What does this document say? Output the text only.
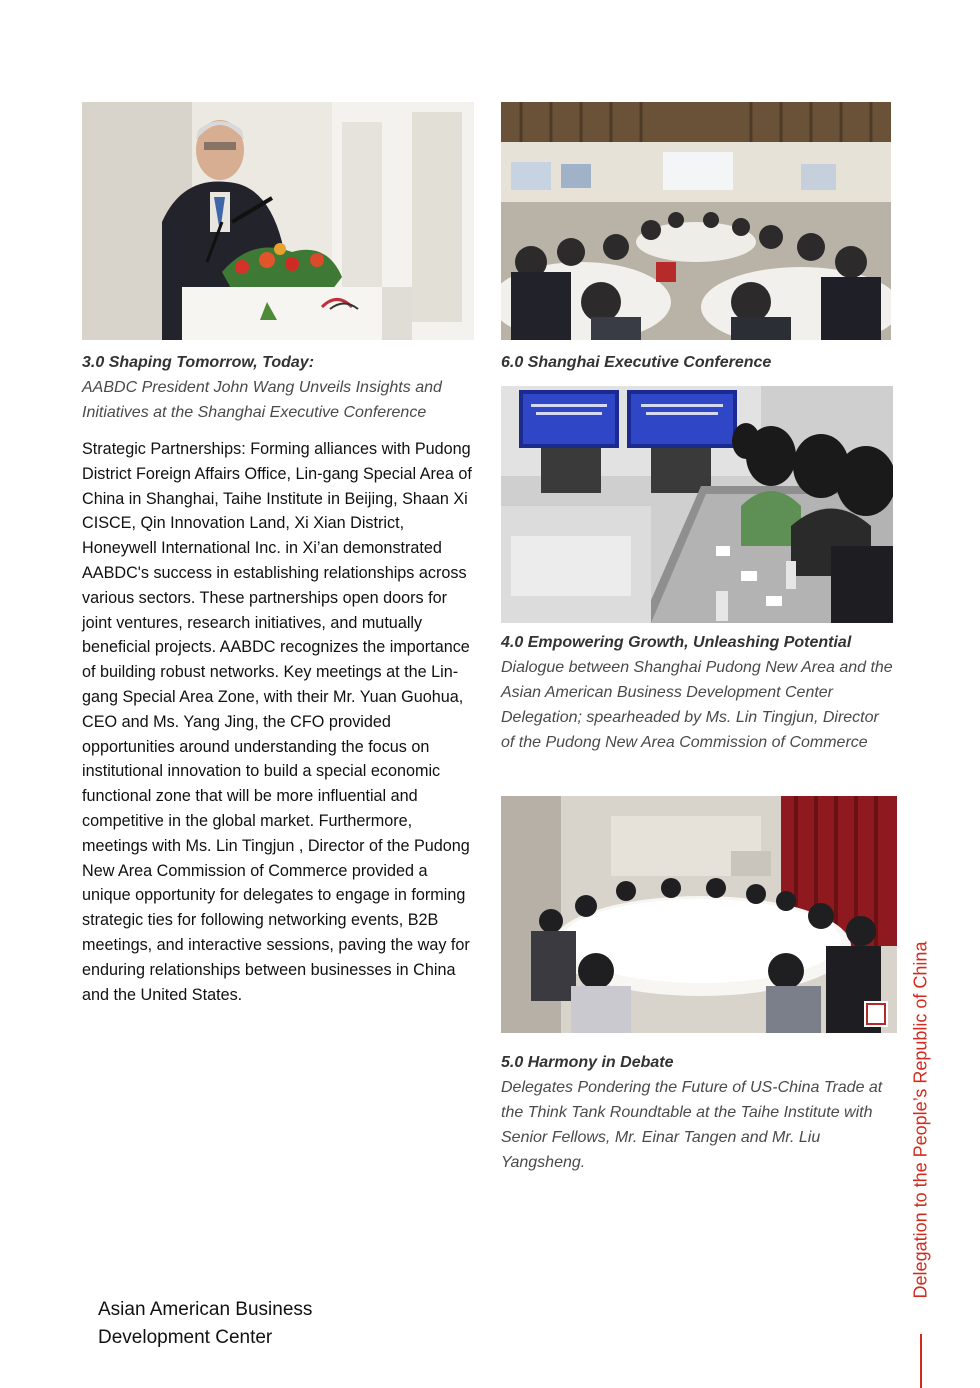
3.0 Shaping Tomorrow, Today:
AABDC President John Wang Unveils Insights and Initiatives at the Shanghai Executive Conference

6.0 Shanghai Executive Conference

4.0 Empowering Growth, Unleashing Potential
Dialogue between Shanghai Pudong New Area and the Asian American Business Development Center Delegation; spearheaded by Ms. Lin Tingjun, Director of the Pudong New Area Commission of Commerce

5.0 Harmony in Debate
Delegates Pondering the Future of US-China Trade at the Think Tank Roundtable at the Taihe Institute with Senior Fellows, Mr. Einar Tangen and Mr. Liu Yangsheng.

Strategic Partnerships: Forming alliances with Pudong District Foreign Affairs Office, Lin-gang Special Area of China in Shanghai, Taihe Institute in Beijing, Shaan Xi CISCE, Qin Innovation Land, Xi Xian District, Honeywell International Inc. in Xi’an demonstrated AABDC's success in establishing relationships across various sectors. These partnerships open doors for joint ventures, research initiatives, and mutually beneficial projects. AABDC recognizes the importance of building robust networks. Key meetings at the Lin-gang Special Area Zone, with their Mr. Yuan Guohua, CEO and Ms. Yang Jing, the CFO provided opportunities around understanding the focus on institutional innovation to build a special economic functional zone that will be more influential and competitive in the global market. Furthermore, meetings with Ms. Lin Tingjun , Director of the Pudong New Area Commission of Commerce provided a unique opportunity for delegates to engage in forming strategic ties for following networking events, B2B meetings, and interactive sessions, paving the way for enduring relationships between businesses in China and the United States.

Asian American Business
Development Center
Delegation to the People’s Republic of China
